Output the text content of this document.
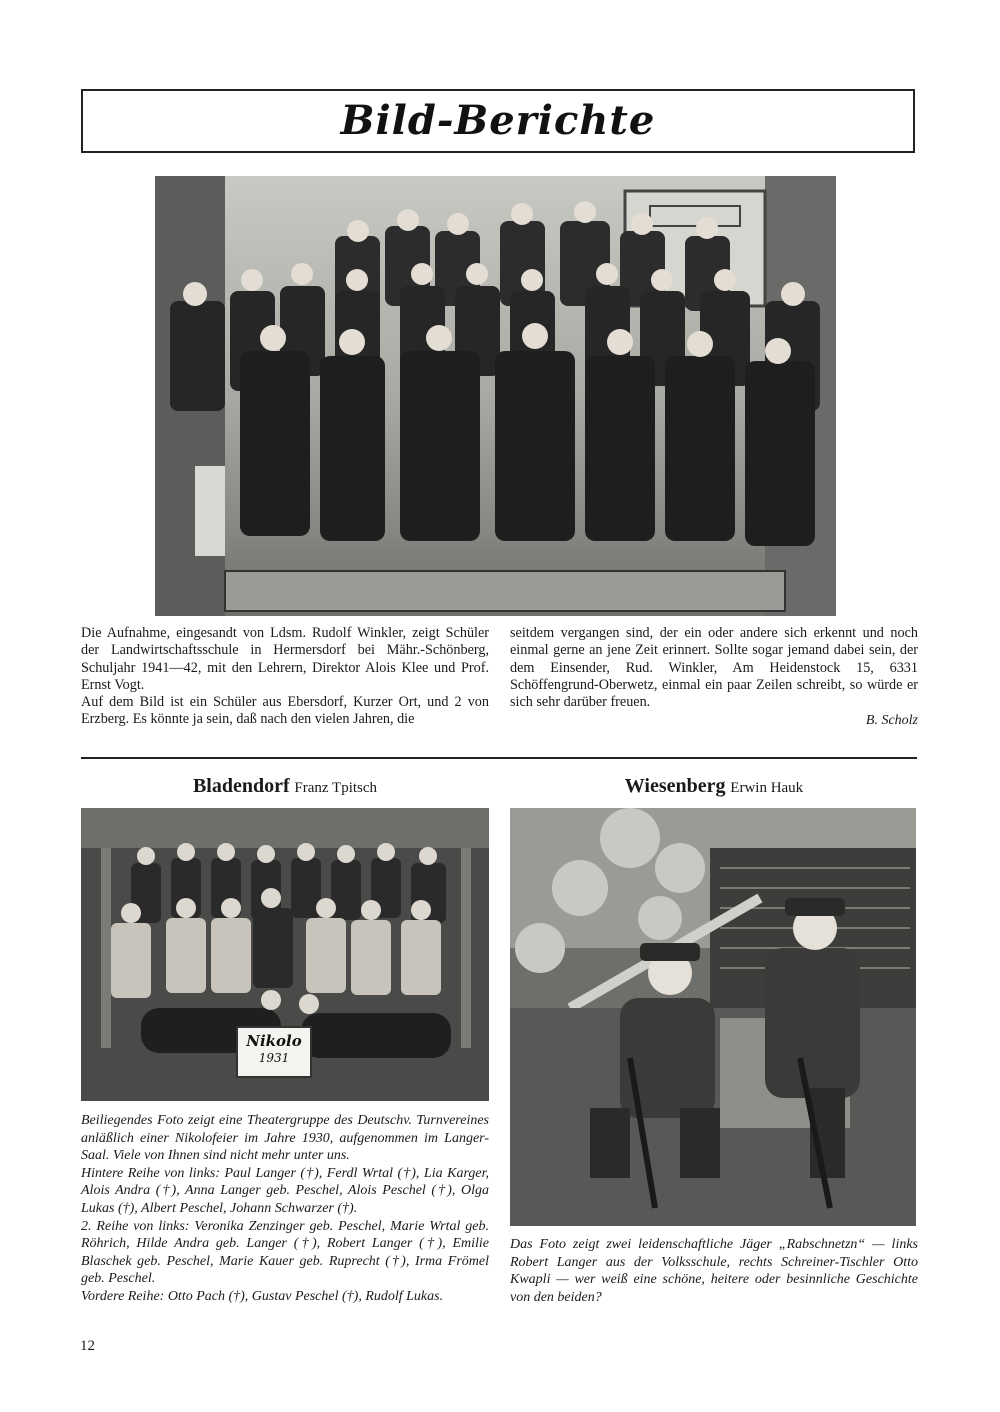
Bild-Berichte

Die Aufnahme, eingesandt von Ldsm. Rudolf Winkler, zeigt Schüler der Landwirtschaftsschule in Hermersdorf bei Mähr.-Schönberg, Schuljahr 1941—42, mit den Lehrern, Direktor Alois Klee und Prof. Ernst Vogt.

Auf dem Bild ist ein Schüler aus Ebersdorf, Kurzer Ort, und 2 von Erzberg. Es könnte ja sein, daß nach den vielen Jahren, die

seitdem vergangen sind, der ein oder andere sich erkennt und noch einmal gerne an jene Zeit erinnert. Sollte sogar jemand dabei sein, der dem Einsender, Rud. Winkler, Am Heidenstock 15, 6331 Schöffengrund-Oberwetz, einmal ein paar Zeilen schreibt, so würde er sich sehr darüber freuen.

B. Scholz
Bladendorf Franz Tpitsch
Nikolo
1931

Beiliegendes Foto zeigt eine Theatergruppe des Deutschv. Turnvereines anläßlich einer Nikolofeier im Jahre 1930, aufgenommen im Langer-Saal. Viele von Ihnen sind nicht mehr unter uns.

Hintere Reihe von links: Paul Langer (†), Ferdl Wrtal (†), Lia Karger, Alois Andra (†), Anna Langer geb. Peschel, Alois Peschel (†), Olga Lukas (†), Albert Peschel, Johann Schwarzer (†).

2. Reihe von links: Veronika Zenzinger geb. Peschel, Marie Wrtal geb. Röhrich, Hilde Andra geb. Langer (†), Robert Langer (†), Emilie Blaschek geb. Peschel, Marie Kauer geb. Ruprecht (†), Irma Frömel geb. Peschel.

Vordere Reihe: Otto Pach (†), Gustav Peschel (†), Rudolf Lukas.

Wiesenberg Erwin Hauk

Das Foto zeigt zwei leidenschaftliche Jäger „Rabschnetzn“ — links Robert Langer aus der Volksschule, rechts Schreiner-Tischler Otto Kwapli — wer weiß eine schöne, heitere oder besinnliche Geschichte von den beiden?

12
